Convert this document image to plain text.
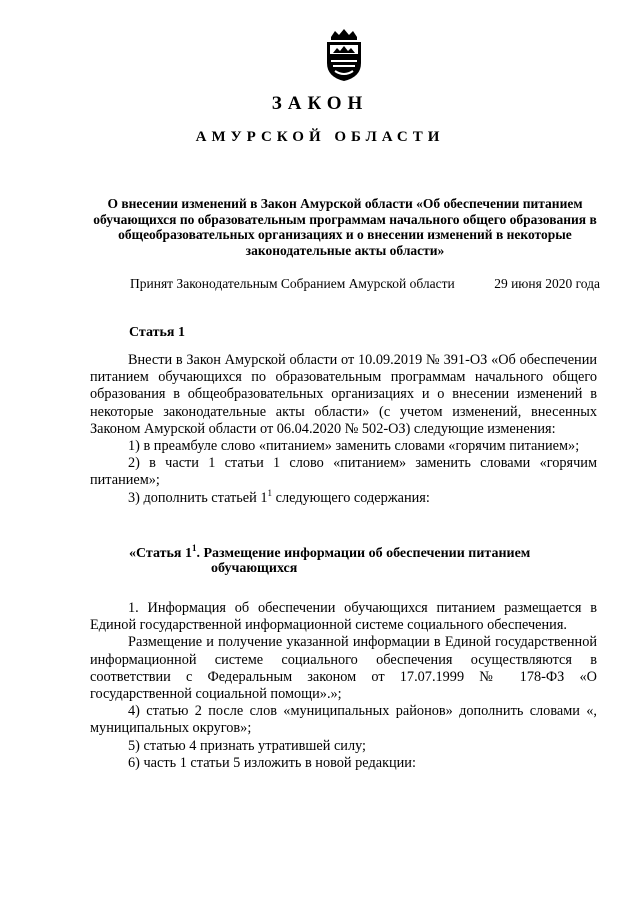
ЗАКОН
АМУРСКОЙ ОБЛАСТИ

О внесении изменений в Закон Амурской области «Об обеспечении питанием обучающихся по образовательным программам начального общего образования в общеобразовательных организациях и о внесении изменений в некоторые законодательные акты области»

Принят Законодательным Собранием Амурской области	29 июня 2020 года
Статья 1

Внести в Закон Амурской области от 10.09.2019 № 391-ОЗ «Об обеспечении питанием обучающихся по образовательным программам начального общего образования в общеобразовательных организациях и о внесении изменений в некоторые законодательные акты области» (с учетом изменений, внесенных Законом Амурской области от 06.04.2020 № 502-ОЗ) следующие изменения:

1) в преамбуле слово «питанием» заменить словами «горячим питанием»;

2) в части 1 статьи 1 слово «питанием» заменить словами «горячим питанием»;

3) дополнить статьей $1^1$ следующего содержания:

«Статья $1^1$. Размещение информации об обеспечении питанием
обучающихся

1. Информация об обеспечении обучающихся питанием размещается в Единой государственной информационной системе социального обеспечения.

Размещение и получение указанной информации в Единой государственной информационной системе социального обеспечения осуществляются в соответствии с Федеральным законом от 17.07.1999 № 178-ФЗ «О государственной социальной помощи».»;

4) статью 2 после слов «муниципальных районов» дополнить словами «, муниципальных округов»;

5) статью 4 признать утратившей силу;

6) часть 1 статьи 5 изложить в новой редакции:
